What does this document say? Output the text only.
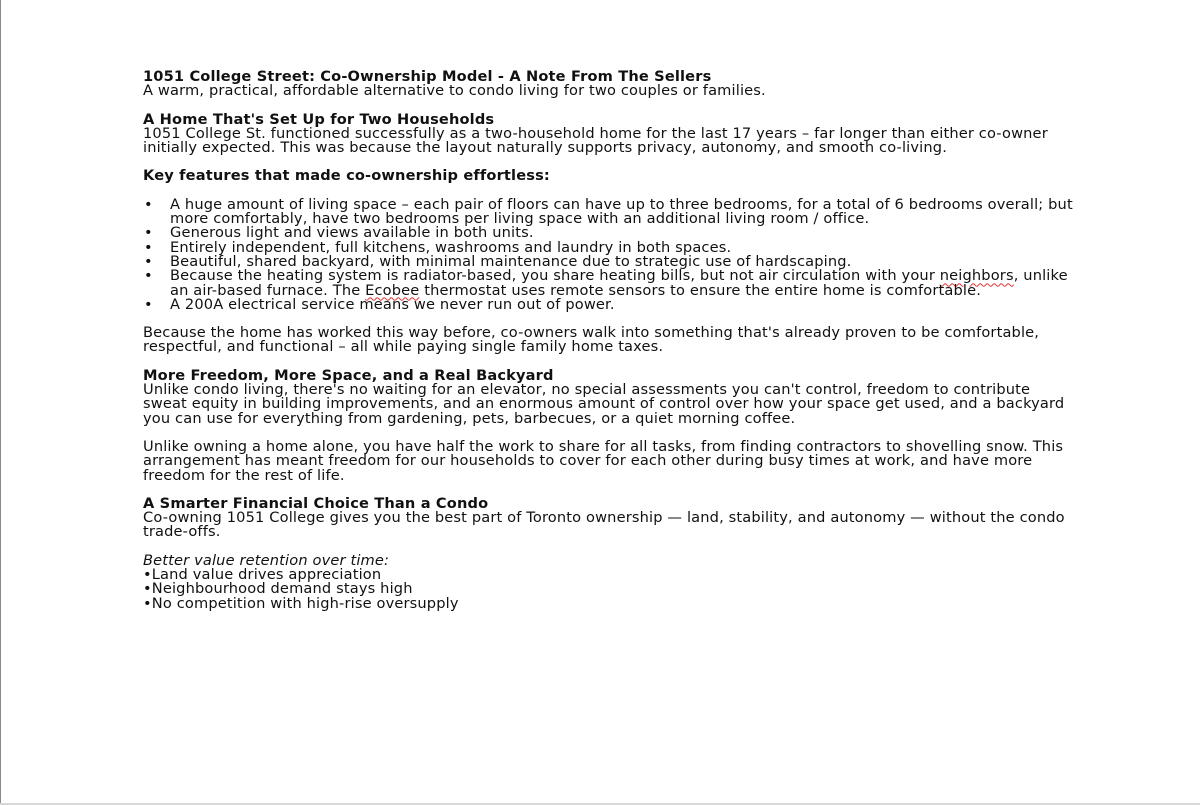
1051 College Street: Co-Ownership Model - A Note From The Sellers

A warm, practical, affordable alternative to condo living for two couples or families.

A Home That's Set Up for Two Households

1051 College St. functioned successfully as a two-household home for the last 17 years – far longer than either co-owner initially expected. This was because the layout naturally supports privacy, autonomy, and smooth co-living.

Key features that made co-ownership effortless:

• A huge amount of living space – each pair of floors can have up to three bedrooms, for a total of 6 bedrooms overall; but more comfortably, have two bedrooms per living space with an additional living room / office.
• Generous light and views available in both units.
• Entirely independent, full kitchens, washrooms and laundry in both spaces.
• Beautiful, shared backyard, with minimal maintenance due to strategic use of hardscaping.
• Because the heating system is radiator-based, you share heating bills, but not air circulation with your neighbors, unlike an air-based furnace. The Ecobee thermostat uses remote sensors to ensure the entire home is comfortable.
• A 200A electrical service means we never run out of power.

Because the home has worked this way before, co-owners walk into something that's already proven to be comfortable, respectful, and functional – all while paying single family home taxes.

More Freedom, More Space, and a Real Backyard

Unlike condo living, there's no waiting for an elevator, no special assessments you can't control, freedom to contribute sweat equity in building improvements, and an enormous amount of control over how your space get used, and a backyard you can use for everything from gardening, pets, barbecues, or a quiet morning coffee.

Unlike owning a home alone, you have half the work to share for all tasks, from finding contractors to shovelling snow. This arrangement has meant freedom for our households to cover for each other during busy times at work, and have more freedom for the rest of life.

A Smarter Financial Choice Than a Condo

Co-owning 1051 College gives you the best part of Toronto ownership — land, stability, and autonomy — without the condo trade-offs.

Better value retention over time:

• Land value drives appreciation
• Neighbourhood demand stays high
• No competition with high-rise oversupply
